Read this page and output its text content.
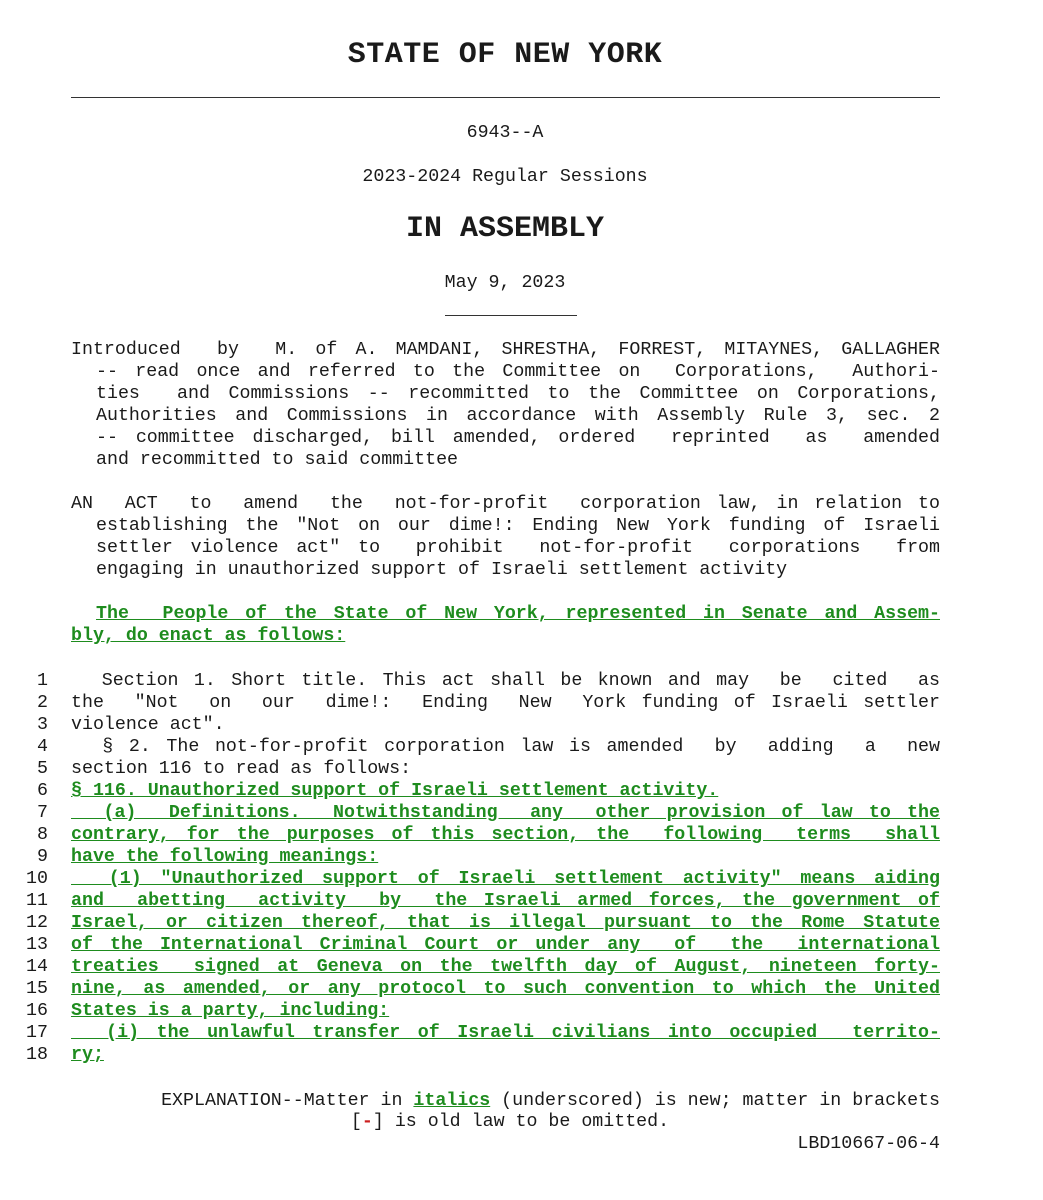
STATE OF NEW YORK
6943--A
2023-2024 Regular Sessions
IN ASSEMBLY
May 9, 2023
Introduced  by  M. of A. MAMDANI, SHRESTHA, FORREST, MITAYNES, GALLAGHER
-- read once and referred to the Committee on  Corporations,  Authori-
ties  and Commissions -- recommitted to the Committee on Corporations,
Authorities and Commissions in accordance with Assembly Rule 3, sec. 2
-- committee discharged, bill amended, ordered  reprinted  as  amended
and recommitted to said committee
AN  ACT  to  amend  the  not-for-profit  corporation law, in relation to
establishing the "Not on our dime!: Ending New York funding of Israeli
settler violence act" to  prohibit  not-for-profit  corporations  from
engaging in unauthorized support of Israeli settlement activity
The  People of the State of New York, represented in Senate and Assem-
bly, do enact as follows:
1 Section 1. Short title. This act shall be known and may  be  cited  as
2 the  "Not  on  our  dime!:  Ending  New  York funding of Israeli settler
3 violence act".
4 § 2. The not-for-profit corporation law is amended  by  adding  a  new
5 section 116 to read as follows:
6 § 116. Unauthorized support of Israeli settlement activity.
7 (a)  Definitions.  Notwithstanding  any  other provision of law to the
8 contrary, for the purposes of this section, the  following  terms  shall
9 have the following meanings:
10 (1) "Unauthorized support of Israeli settlement activity" means aiding
11 and  abetting  activity  by  the Israeli armed forces, the government of
12 Israel, or citizen thereof, that is illegal pursuant to the Rome Statute
13 of the International Criminal Court or under any  of  the  international
14 treaties  signed at Geneva on the twelfth day of August, nineteen forty-
15 nine, as amended, or any protocol to such convention to which the United
16 States is a party, including:
17 (i) the unlawful transfer of Israeli civilians into occupied  territo-
18 ry;
EXPLANATION--Matter in italics (underscored) is new; matter in brackets
[-] is old law to be omitted.
LBD10667-06-4
